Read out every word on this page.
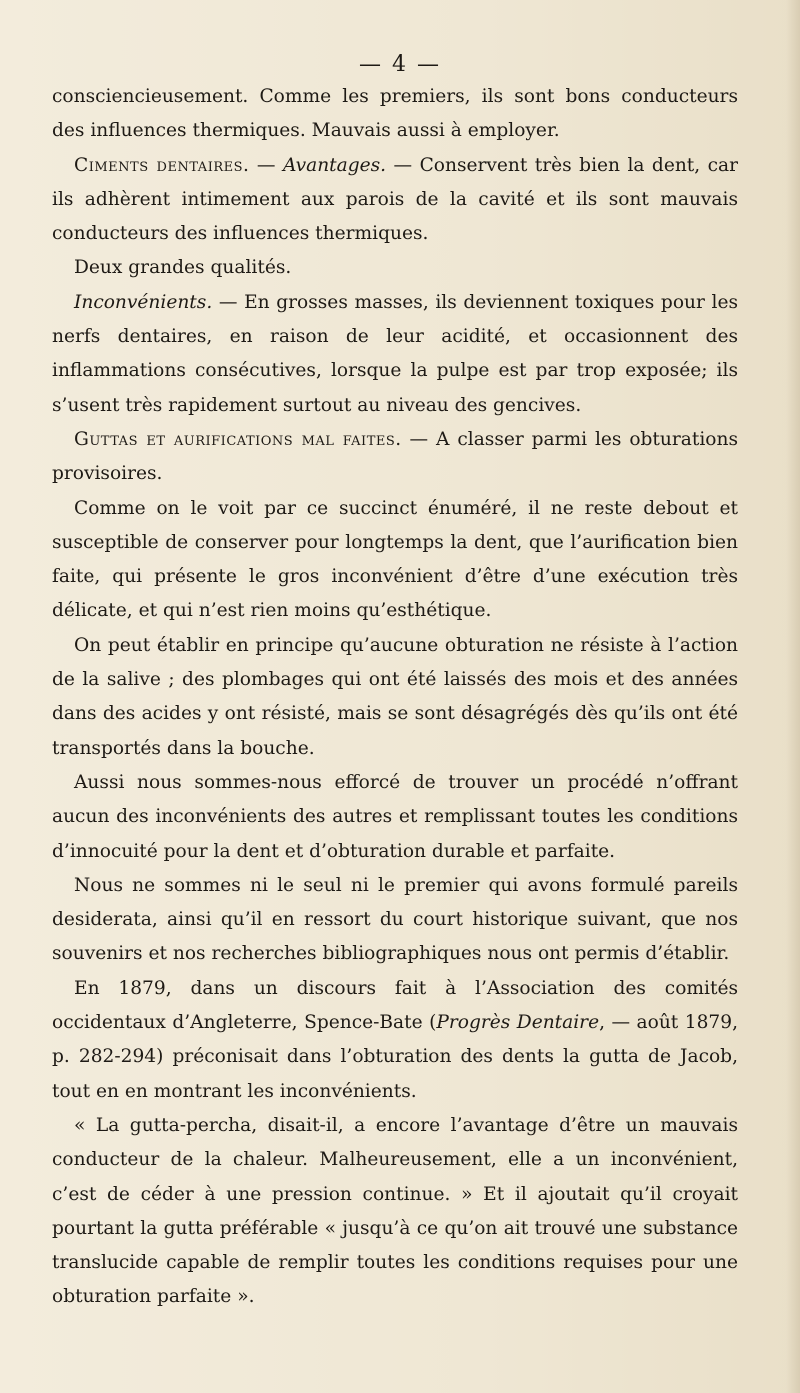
— 4 —

consciencieusement. Comme les premiers, ils sont bons conducteurs des influences thermiques. Mauvais aussi à employer.

Ciments dentaires. — Avantages. — Conservent très bien la dent, car ils adhèrent intimement aux parois de la cavité et ils sont mauvais conducteurs des influences thermiques.

Deux grandes qualités.

Inconvénients. — En grosses masses, ils deviennent toxiques pour les nerfs dentaires, en raison de leur acidité, et occasionnent des inflammations consécutives, lorsque la pulpe est par trop exposée; ils s’usent très rapidement surtout au niveau des gencives.

Guttas et aurifications mal faites. — A classer parmi les obturations provisoires.

Comme on le voit par ce succinct énuméré, il ne reste debout et susceptible de conserver pour longtemps la dent, que l’aurification bien faite, qui présente le gros inconvénient d’être d’une exécution très délicate, et qui n’est rien moins qu’esthétique.

On peut établir en principe qu’aucune obturation ne résiste à l’action de la salive ; des plombages qui ont été laissés des mois et des années dans des acides y ont résisté, mais se sont désagrégés dès qu’ils ont été transportés dans la bouche.

Aussi nous sommes-nous efforcé de trouver un procédé n’offrant aucun des inconvénients des autres et remplissant toutes les conditions d’innocuité pour la dent et d’obturation durable et parfaite.

Nous ne sommes ni le seul ni le premier qui avons formulé pareils desiderata, ainsi qu’il en ressort du court historique suivant, que nos souvenirs et nos recherches bibliographiques nous ont permis d’établir.

En 1879, dans un discours fait à l’Association des comités occidentaux d’Angleterre, Spence-Bate (Progrès Dentaire, — août 1879, p. 282-294) préconisait dans l’obturation des dents la gutta de Jacob, tout en en montrant les inconvénients.

« La gutta-percha, disait-il, a encore l’avantage d’être un mauvais conducteur de la chaleur. Malheureusement, elle a un inconvénient, c’est de céder à une pression continue. » Et il ajoutait qu’il croyait pourtant la gutta préférable « jusqu’à ce qu’on ait trouvé une substance translucide capable de remplir toutes les conditions requises pour une obturation parfaite ».
